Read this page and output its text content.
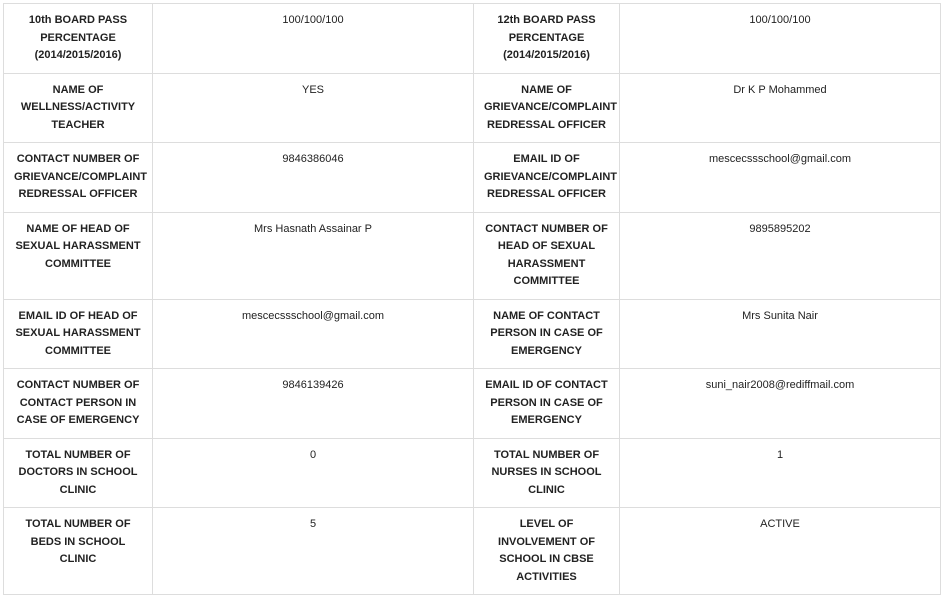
10th BOARD PASS PERCENTAGE (2014/2015/2016)	100/100/100	12th BOARD PASS PERCENTAGE (2014/2015/2016)	100/100/100
NAME OF WELLNESS/ACTIVITY TEACHER	YES	NAME OF GRIEVANCE/COMPLAINT REDRESSAL OFFICER	Dr K P Mohammed
CONTACT NUMBER OF GRIEVANCE/COMPLAINT REDRESSAL OFFICER	9846386046	EMAIL ID OF GRIEVANCE/COMPLAINT REDRESSAL OFFICER	mescecssschool@gmail.com
NAME OF HEAD OF SEXUAL HARASSMENT COMMITTEE	Mrs Hasnath Assainar P	CONTACT NUMBER OF HEAD OF SEXUAL HARASSMENT COMMITTEE	9895895202
EMAIL ID OF HEAD OF SEXUAL HARASSMENT COMMITTEE	mescecssschool@gmail.com	NAME OF CONTACT PERSON IN CASE OF EMERGENCY	Mrs Sunita Nair
CONTACT NUMBER OF CONTACT PERSON IN CASE OF EMERGENCY	9846139426	EMAIL ID OF CONTACT PERSON IN CASE OF EMERGENCY	suni_nair2008@rediffmail.com
TOTAL NUMBER OF DOCTORS IN SCHOOL CLINIC	0	TOTAL NUMBER OF NURSES IN SCHOOL CLINIC	1
TOTAL NUMBER OF BEDS IN SCHOOL CLINIC	5	LEVEL OF INVOLVEMENT OF SCHOOL IN CBSE ACTIVITIES	ACTIVE
